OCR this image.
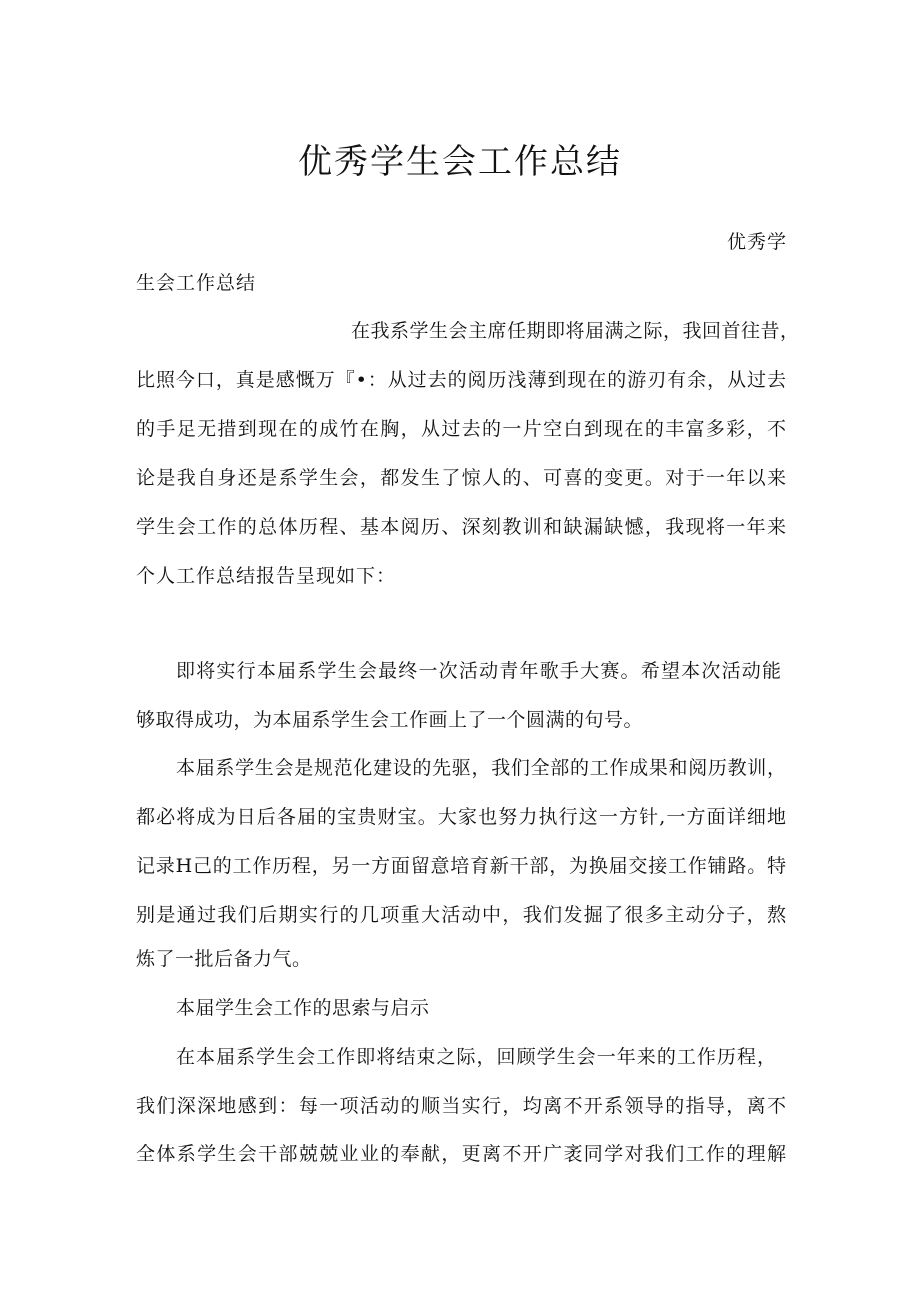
优秀学生会工作总结
优秀学
生会工作总结
在我系学生会主席任期即将届满之际，我回首往昔，
比照今口，真是感慨万『•：从过去的阅历浅薄到现在的游刃有余，从过去
的手足无措到现在的成竹在胸，从过去的一片空白到现在的丰富多彩，不
论是我自身还是系学生会，都发生了惊人的、可喜的变更。对于一年以来
学生会工作的总体历程、基本阅历、深刻教训和缺漏缺憾，我现将一年来
个人工作总结报告呈现如下：
即将实行本届系学生会最终一次活动青年歌手大赛。希望本次活动能
够取得成功，为本届系学生会工作画上了一个圆满的句号。
本届系学生会是规范化建设的先驱，我们全部的工作成果和阅历教训，
都必将成为日后各届的宝贵财宝。大家也努力执行这一方针,一方面详细地
记录H己的工作历程，另一方面留意培育新干部，为换届交接工作铺路。特
别是通过我们后期实行的几项重大活动中，我们发掘了很多主动分子，熬
炼了一批后备力气。
本届学生会工作的思索与启示
在本届系学生会工作即将结束之际，回顾学生会一年来的工作历程，
我们深深地感到：每一项活动的顺当实行，均离不开系领导的指导，离不
全体系学生会干部兢兢业业的奉献，更离不开广袤同学对我们工作的理解
